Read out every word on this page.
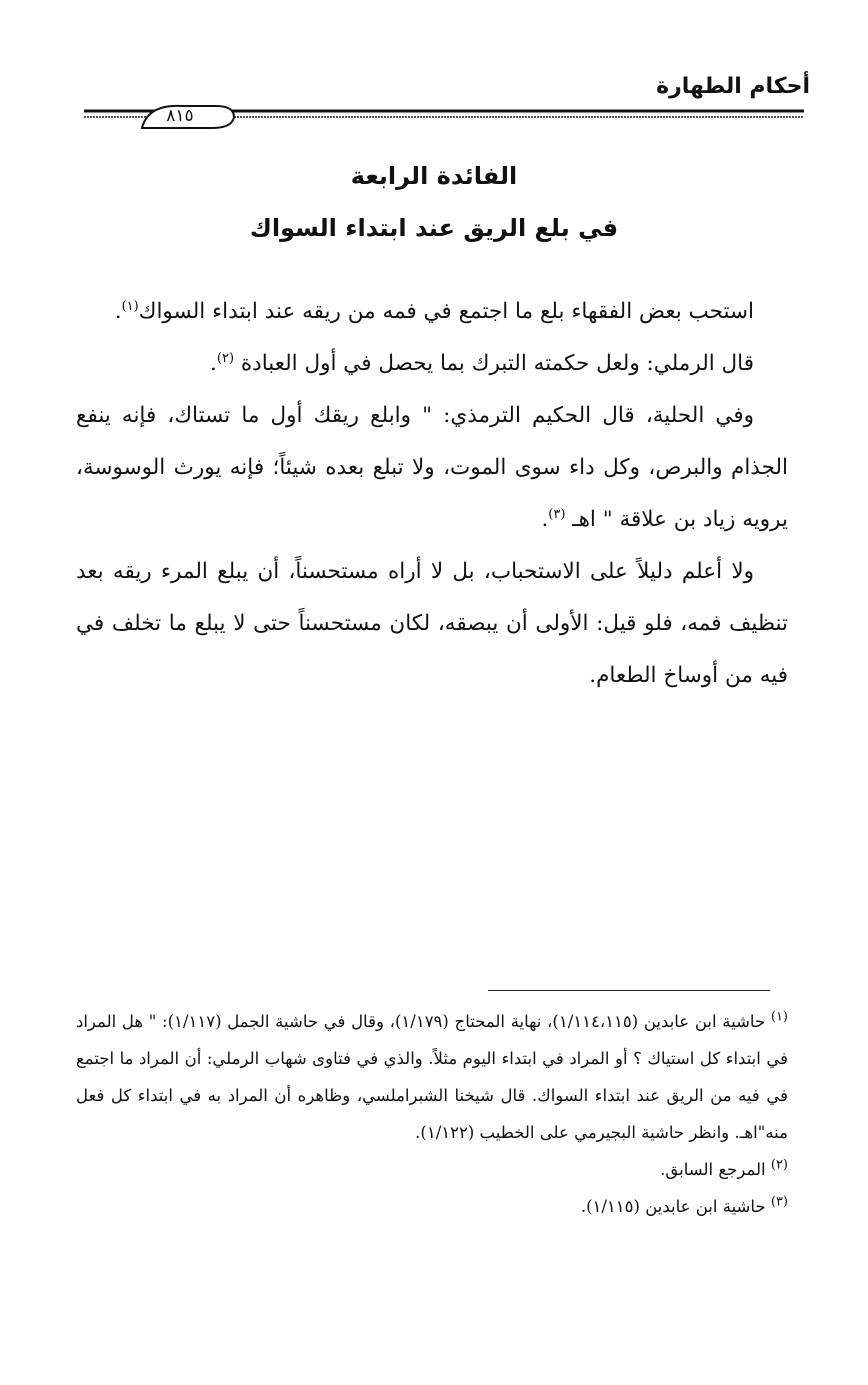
أحكام الطهارة
٨١٥
الفائدة الرابعة
في بلع الريق عند ابتداء السواك

استحب بعض الفقهاء بلع ما اجتمع في فمه من ريقه عند ابتداء السواك$^{(١)}$.

قال الرملي: ولعل حكمته التبرك بما يحصل في أول العبادة $^{(٢)}$.

وفي الحلية، قال الحكيم الترمذي: " وابلع ريقك أول ما تستاك، فإنه ينفع الجذام والبرص، وكل داء سوى الموت، ولا تبلع بعده شيئاً؛ فإنه يورث الوسوسة، يرويه زياد بن علاقة " اهـ $^{(٣)}$.

ولا أعلم دليلاً على الاستحباب، بل لا أراه مستحسناً، أن يبلع المرء ريقه بعد تنظيف فمه، فلو قيل: الأولى أن يبصقه، لكان مستحسناً حتى لا يبلع ما تخلف في فيه من أوساخ الطعام.

$^{(١)}$ حاشية ابن عابدين (١/١١٤،١١٥)، نهاية المحتاج (١/١٧٩)، وقال في حاشية الجمل (١/١١٧): " هل المراد في ابتداء كل استياك ؟ أو المراد في ابتداء اليوم مثلاً. والذي في فتاوى شهاب الرملي: أن المراد ما اجتمع في فيه من الريق عند ابتداء السواك. قال شيخنا الشبراملسي، وظاهره أن المراد به في ابتداء كل فعل منه"اهـ. وانظر حاشية البجيرمي على الخطيب (١/١٢٢).

$^{(٢)}$ المرجع السابق.

$^{(٣)}$ حاشية ابن عابدين (١/١١٥).
